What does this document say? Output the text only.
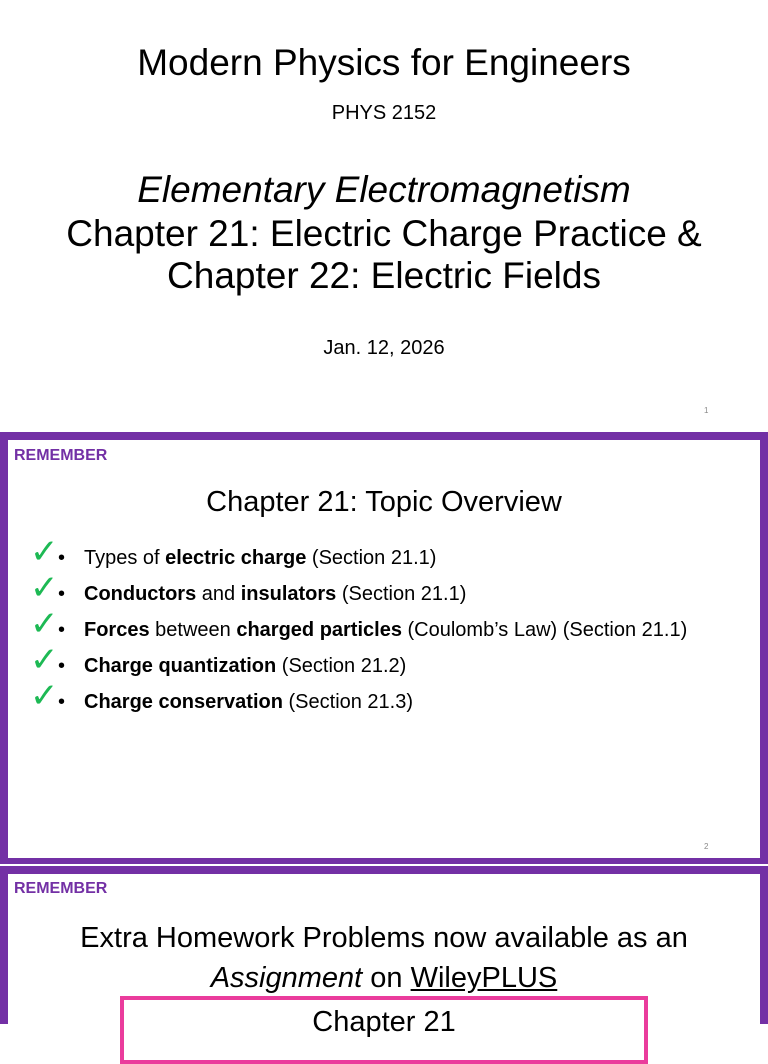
Modern Physics for Engineers
PHYS 2152
Elementary Electromagnetism
Chapter 21: Electric Charge Practice &
Chapter 22: Electric Fields
Jan. 12, 2026
1
REMEMBER
Chapter 21: Topic Overview
✓ • Types of electric charge (Section 21.1)
✓ • Conductors and insulators (Section 21.1)
✓ • Forces between charged particles (Coulomb’s Law) (Section 21.1)
✓ • Charge quantization (Section 21.2)
✓ • Charge conservation (Section 21.3)
2
REMEMBER
Extra Homework Problems now available as an
Assignment on WileyPLUS
Chapter 21
